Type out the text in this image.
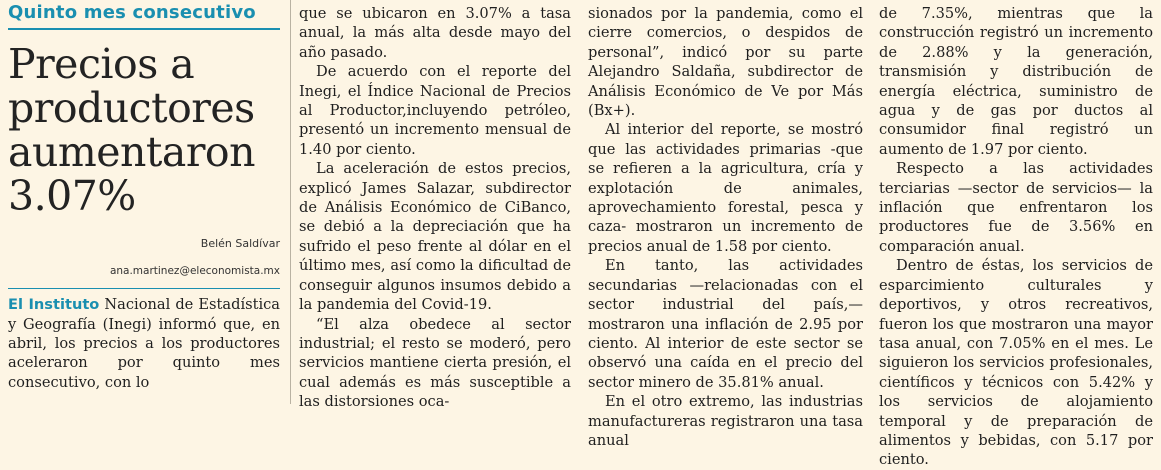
Quinto mes consecutivo
Precios a
productores
aumentaron
3.07%
Belén Saldívar
ana.martinez@eleconomista.mx

El Instituto Nacional de Estadística y Geografía (Inegi) informó que, en abril, los precios a los productores aceleraron por quinto mes consecutivo, con lo

que se ubicaron en 3.07% a tasa anual, la más alta desde mayo del año pasado.

De acuerdo con el reporte del Inegi, el Índice Nacional de Precios al Productor,incluyendo petróleo, presentó un incremento mensual de 1.40 por ciento.

La aceleración de estos precios, explicó James Salazar, subdirector de Análisis Económico de CiBanco, se debió a la depreciación que ha sufrido el peso frente al dólar en el último mes, así como la dificultad de conseguir algunos insumos debido a la pandemia del Covid-19.

“El alza obedece al sector industrial; el resto se moderó, pero servicios mantiene cierta presión, el cual además es más susceptible a las distorsiones oca-

sionados por la pandemia, como el cierre comercios, o despidos de personal”, indicó por su parte Alejandro Saldaña, subdirector de Análisis Económico de Ve por Más (Bx+).

Al interior del reporte, se mostró que las actividades primarias -que se refieren a la agricultura, cría y explotación de animales, aprovechamiento forestal, pesca y caza- mostraron un incremento de precios anual de 1.58 por ciento.

En tanto, las actividades secundarias —relacionadas con el sector industrial del país,— mostraron una inflación de 2.95 por ciento. Al interior de este sector se observó una caída en el precio del sector minero de 35.81% anual.

En el otro extremo, las industrias manufactureras registraron una tasa anual

de 7.35%, mientras que la construcción registró un incremento de 2.88% y la generación, transmisión y distribución de energía eléctrica, suministro de agua y de gas por ductos al consumidor final registró un aumento de 1.97 por ciento.

Respecto a las actividades terciarias —sector de servicios— la inflación que enfrentaron los productores fue de 3.56% en comparación anual.

Dentro de éstas, los servicios de esparcimiento culturales y deportivos, y otros recreativos, fueron los que mostraron una mayor tasa anual, con 7.05% en el mes. Le siguieron los servicios profesionales, científicos y técnicos con 5.42% y los servicios de alojamiento temporal y de preparación de alimentos y bebidas, con 5.17 por ciento.
